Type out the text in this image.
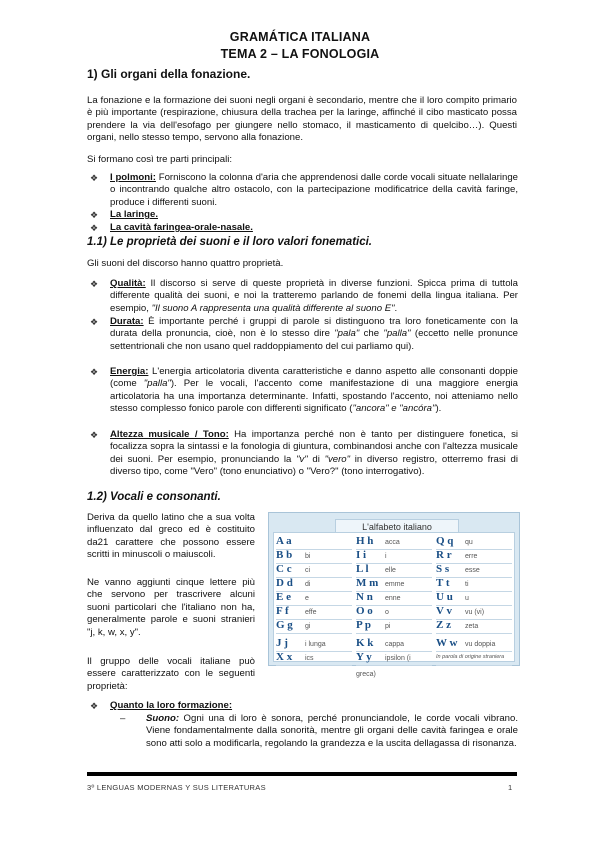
GRAMÁTICA ITALIANA
TEMA 2 – LA FONOLOGIA
1) Gli organi della fonazione.

La fonazione e la formazione dei suoni negli organi è secondario, mentre che il loro compito primario è più importante (respirazione, chiusura della trachea per la laringe, affinché il cibo masticato possa prendere la via dell'esofago per giungere nello stomaco, il masticamento di quelcibo…). Questi organi, nello stesso tempo, servono alla fonazione.

Si formano così tre parti principali:

❖ I polmoni: Forniscono la colonna d'aria che apprendenosi dalle corde vocali situate nellalaringe o incontrando qualche altro ostacolo, con la partecipazione modificatrice della cavità faringe, produce i differenti suoni.
❖ La laringe.
❖ La cavità faringea-orale-nasale.
1.1) Le proprietà dei suoni e il loro valori fonematici.

Gli suoni del discorso hanno quattro proprietà.

❖ Qualità: Il discorso si serve di queste proprietà in diverse funzioni. Spicca prima di tuttola differente qualità dei suoni, e noi la tratteremo parlando de fonemi della lingua italiana. Per esempio, "Il suono A rappresenta una qualità differente al suono E".
❖ Durata: È importante perché i gruppi di parole si distinguono tra loro foneticamente con la durata della pronuncia, cioè, non è lo stesso dire "pala" che "palla" (eccetto nelle pronunce settentrionali che non usano quel raddoppiamento del cui parliamo qui).
❖ Energia: L'energia articolatoria diventa caratteristiche e danno aspetto alle consonanti doppie (come "palla"). Per le vocali, l'accento come manifestazione di una maggiore energia articolatoria ha una importanza determinante. Infatti, spostando l'accento, noi atteniamo nello stesso complesso fonico parole con differenti significato ("ancora" e "ancóra").
❖ Altezza musicale / Tono: Ha importanza perché non è tanto per distinguere fonetica, si focalizza sopra la sintassi e la fonologia di giuntura, combinandosi anche con l'altezza musicale dei suoni. Per esempio, pronunciando la "v" di "vero" in diverso registro, otterremo frasi di diverso tipo, come "Vero" (tono enunciativo) o "Vero?" (tono interrogativo).
1.2) Vocali e consonanti.
Deriva da quello latino che a sua volta influenzato dal greco ed è costituito da21 carattere che possono essere scritti in minuscoli o maiuscoli.
Ne vanno aggiunti cinque lettere più che servono per trascrivere alcuni suoni particolari che l'italiano non ha, generalmente parole e suoni stranieri "j, k, w, x, y".
Il gruppo delle vocali italiane può essere caratterizzato con le seguenti proprietà:
L'alfabeto italiano
A a
B b bi
C c ci
D d di
E e e
F f effe
G g gi
J j i lunga
X x ics
H h acca
I i	i
L l elle
M m emme
N n enne
O o o
P p pi
K k cappa
Y y ipsilon (i greca)
Q q qu
R r erre
S s esse
T t ti
U u u
V v vu (vi)
Z z zeta
W w vu doppia
In parola di origine straniera
❖ Quanto la loro formazione:
– Suono: Ogni una di loro è sonora, perché pronunciandole, le corde vocali vibrano. Viene fondamentalmente dalla sonorità, mentre gli organi delle cavità faringea e orale sono atti solo a modificarla, regolando la grandezza e la uscita dellagassa di risonanza.
3º LENGUAS MODERNAS Y SUS LITERATURAS	1
